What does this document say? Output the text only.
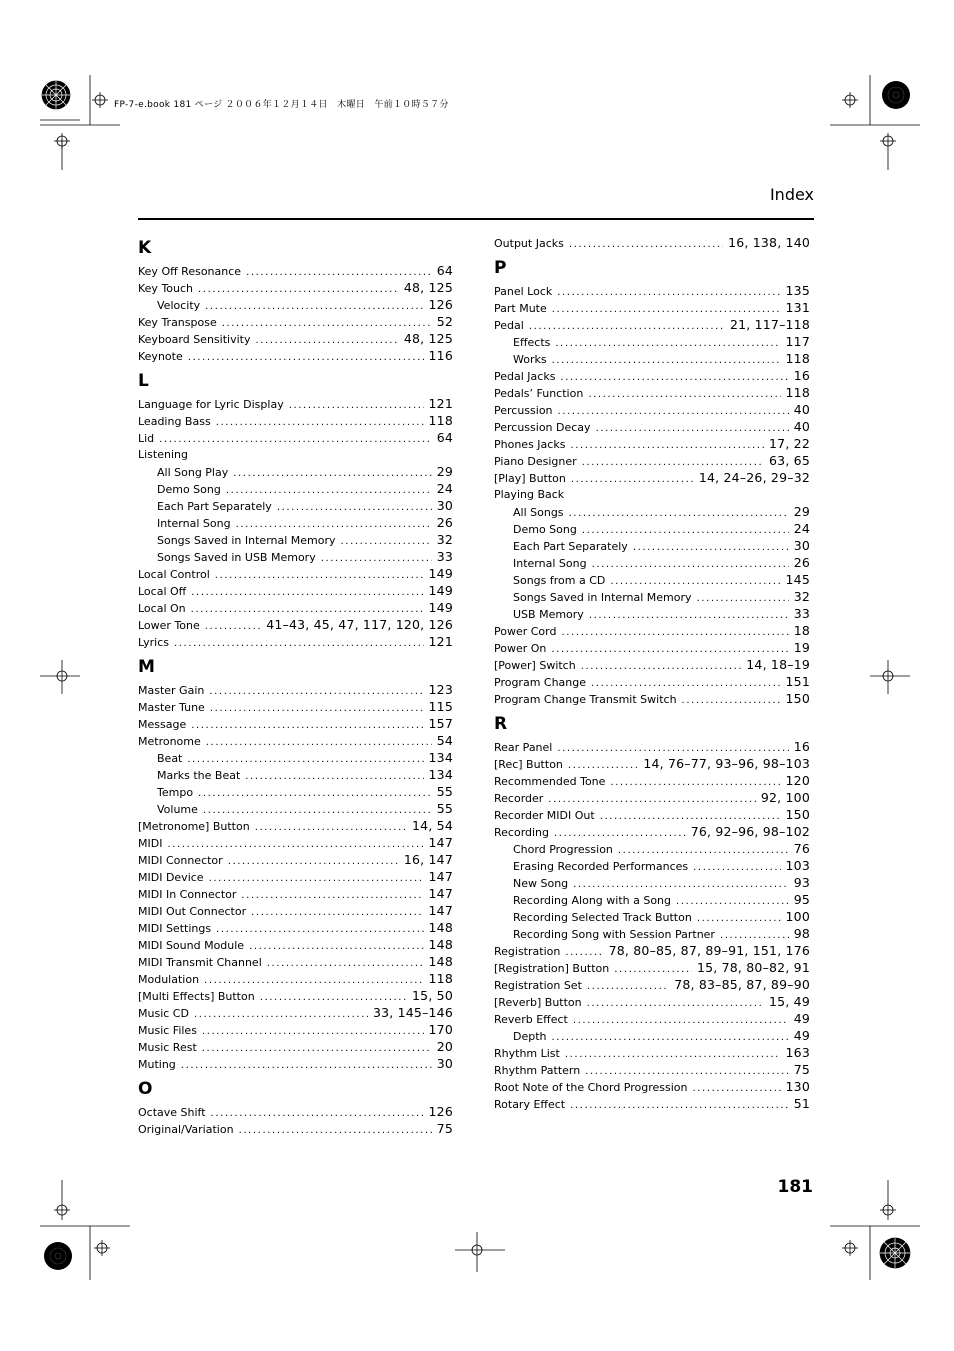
FP-7-e.book 181 ページ ２００６年１２月１４日　木曜日　午前１０時５７分
Index
K
Key Off Resonance .....	64
Key Touch .....	48, 125
Velocity .....	126
Key Transpose .....	52
Keyboard Sensitivity .....	48, 125
Keynote .....	116
L
Language for Lyric Display .....	121
Leading Bass .....	118
Lid .....	64
Listening
All Song Play .....	29
Demo Song .....	24
Each Part Separately .....	30
Internal Song .....	26
Songs Saved in Internal Memory .....	32
Songs Saved in USB Memory .....	33
Local Control .....	149
Local Off .....	149
Local On .....	149
Lower Tone .....	41–43, 45, 47, 117, 120, 126
Lyrics .....	121
M
Master Gain .....	123
Master Tune .....	115
Message .....	157
Metronome .....	54
Beat .....	134
Marks the Beat .....	134
Tempo .....	55
Volume .....	55
[Metronome] Button .....	14, 54
MIDI .....	147
MIDI Connector .....	16, 147
MIDI Device .....	147
MIDI In Connector .....	147
MIDI Out Connector .....	147
MIDI Settings .....	148
MIDI Sound Module .....	148
MIDI Transmit Channel .....	148
Modulation .....	118
[Multi Effects] Button .....	15, 50
Music CD .....	33, 145–146
Music Files .....	170
Music Rest .....	20
Muting .....	30
O
Octave Shift .....	126
Original/Variation .....	75
Output Jacks .....	16, 138, 140
P
Panel Lock .....	135
Part Mute .....	131
Pedal .....	21, 117–118
Effects .....	117
Works .....	118
Pedal Jacks .....	16
Pedals’ Function .....	118
Percussion .....	40
Percussion Decay .....	40
Phones Jacks .....	17, 22
Piano Designer .....	63, 65
[Play] Button .....	14, 24–26, 29–32
Playing Back
All Songs .....	29
Demo Song .....	24
Each Part Separately .....	30
Internal Song .....	26
Songs from a CD .....	145
Songs Saved in Internal Memory .....	32
USB Memory .....	33
Power Cord .....	18
Power On .....	19
[Power] Switch .....	14, 18–19
Program Change .....	151
Program Change Transmit Switch .....	150
R
Rear Panel .....	16
[Rec] Button .....	14, 76–77, 93–96, 98–103
Recommended Tone .....	120
Recorder .....	92, 100
Recorder MIDI Out .....	150
Recording .....	76, 92–96, 98–102
Chord Progression .....	76
Erasing Recorded Performances .....	103
New Song .....	93
Recording Along with a Song .....	95
Recording Selected Track Button .....	100
Recording Song with Session Partner .....	98
Registration .....	78, 80–85, 87, 89–91, 151, 176
[Registration] Button .....	15, 78, 80–82, 91
Registration Set .....	78, 83–85, 87, 89–90
[Reverb] Button .....	15, 49
Reverb Effect .....	49
Depth .....	49
Rhythm List .....	163
Rhythm Pattern .....	75
Root Note of the Chord Progression .....	130
Rotary Effect .....	51
181
